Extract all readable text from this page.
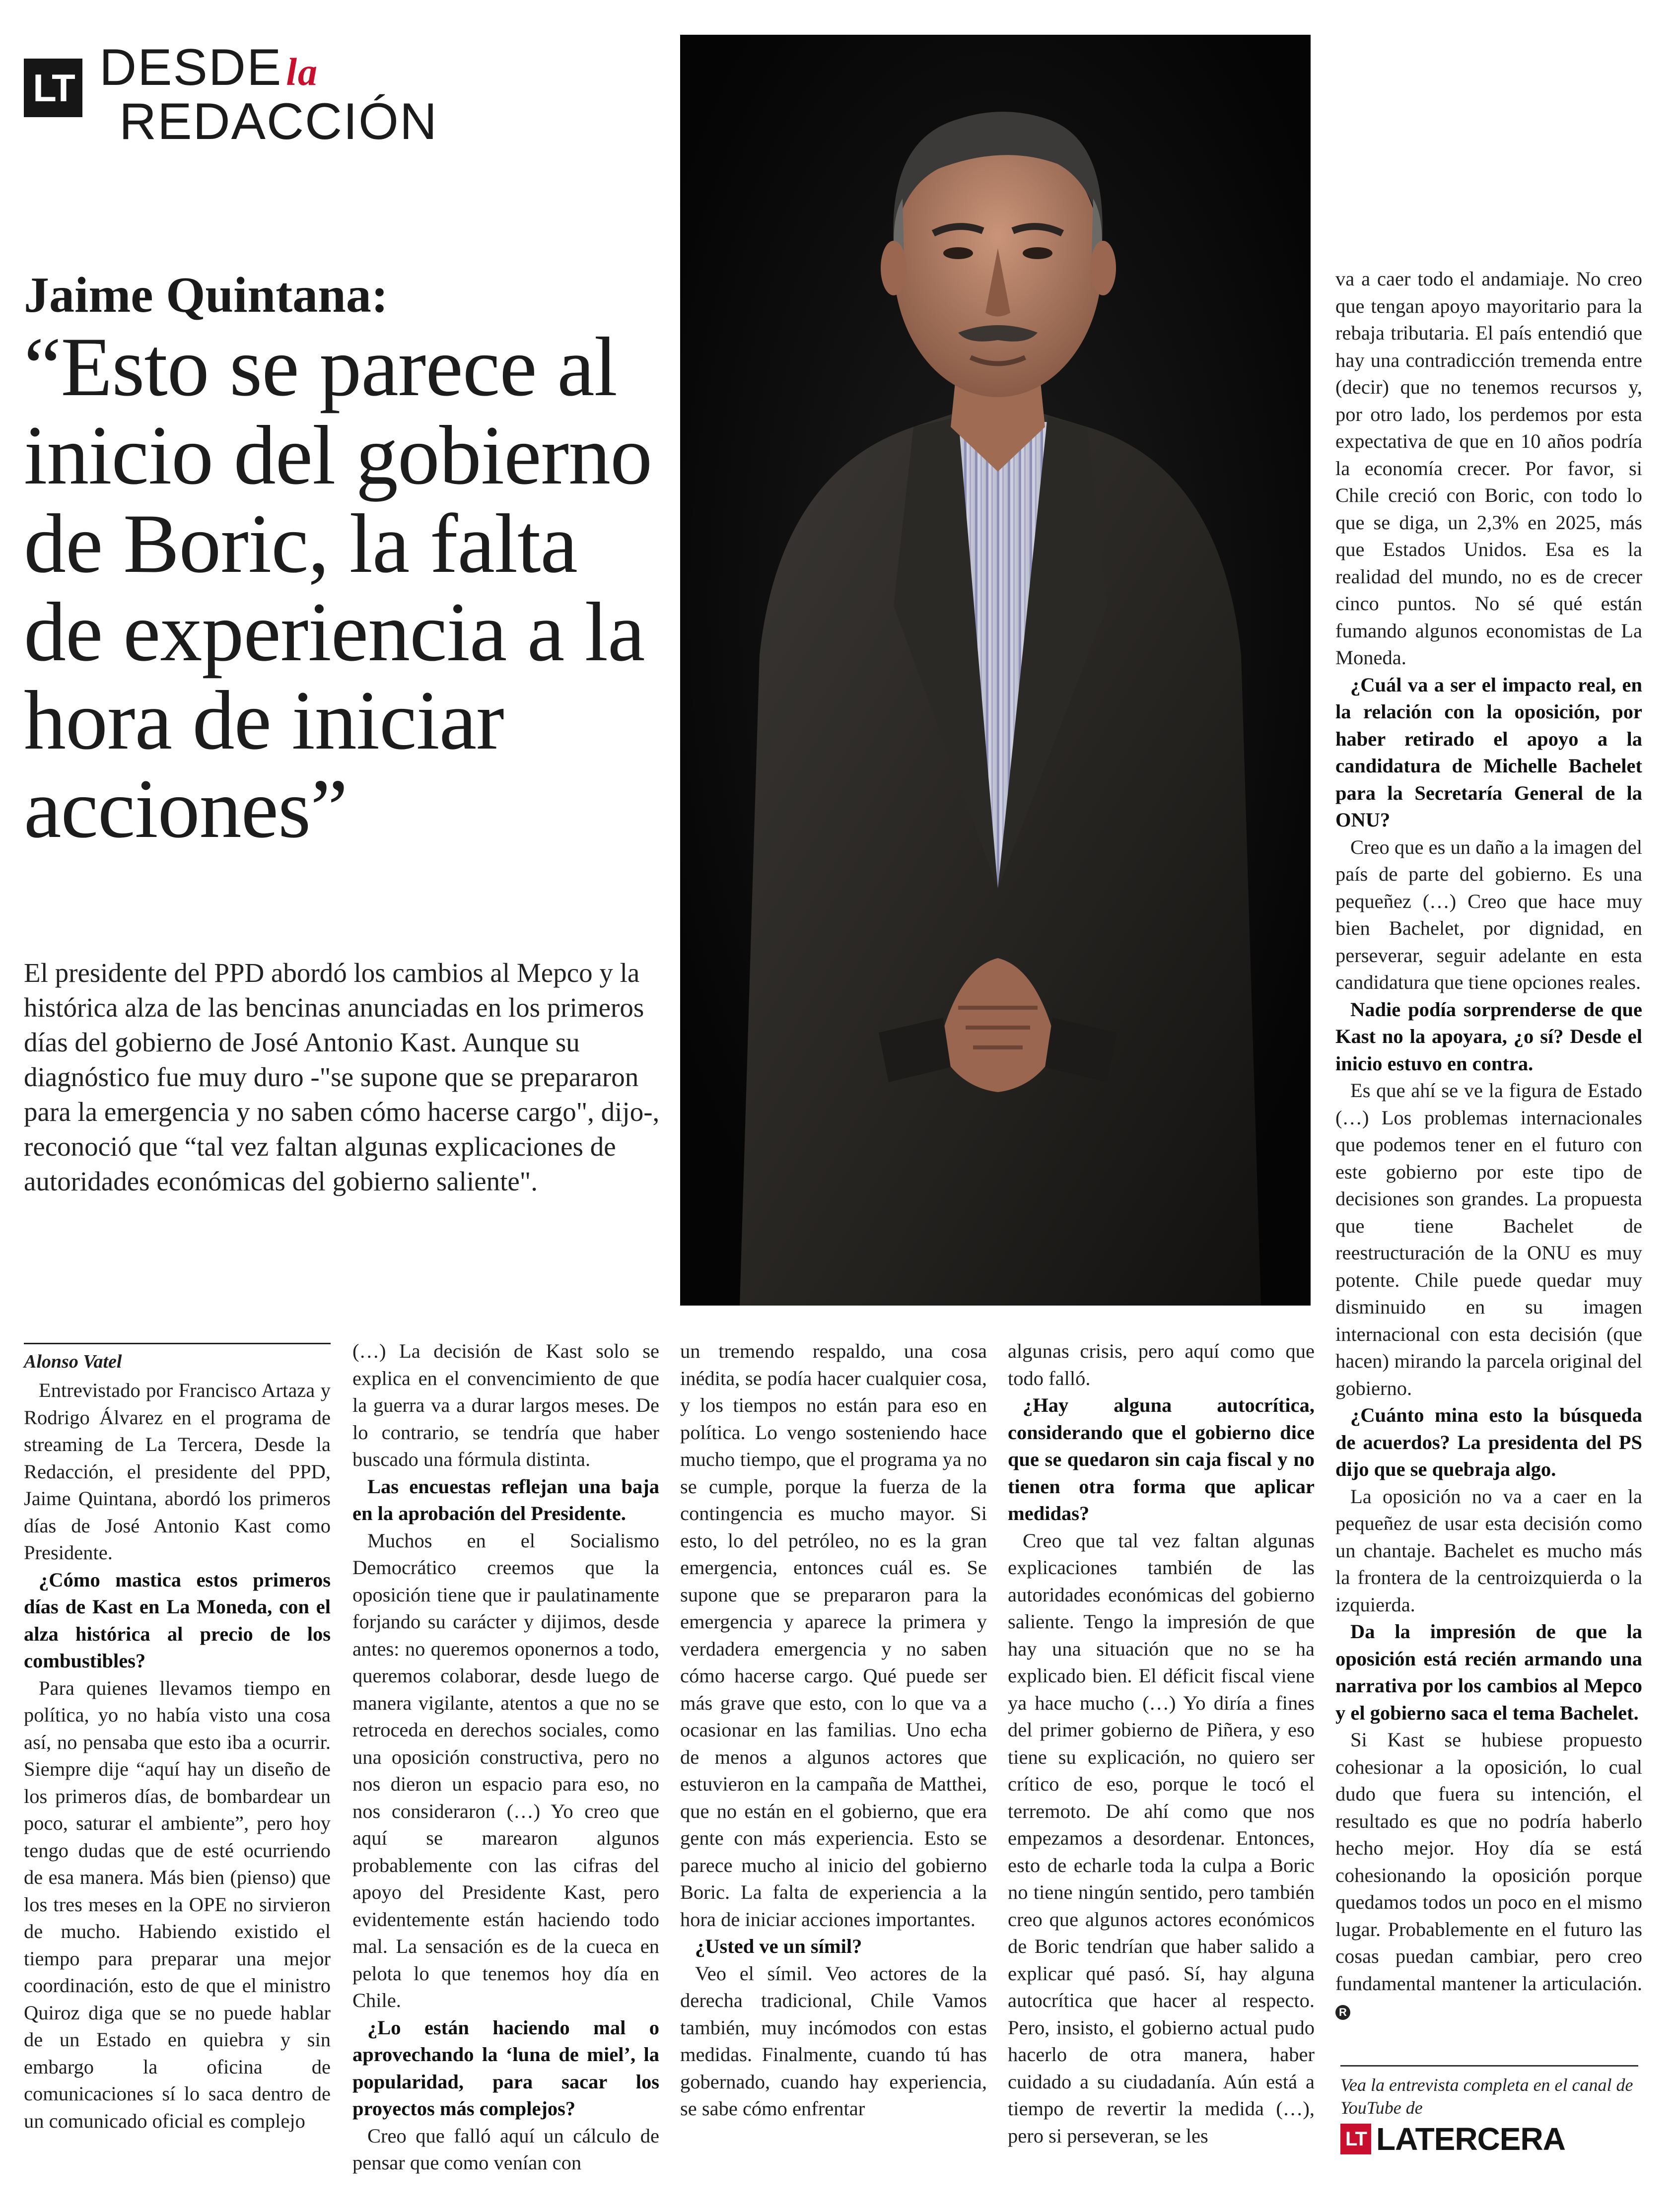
LT DESDE la
REDACCIÓN
Jaime Quintana:
“Esto se parece al inicio del gobierno de Boric, la falta de experiencia a la hora de iniciar acciones”
El presidente del PPD abordó los cambios al Mepco y la histórica alza de las bencinas anunciadas en los primeros días del gobierno de José Antonio Kast. Aunque su diagnóstico fue muy duro -"se supone que se prepararon para la emergencia y no saben cómo hacerse cargo", dijo-, reconoció que “tal vez faltan algunas explicaciones de autoridades económicas del gobierno saliente".
Alonso Vatel

Entrevistado por Francisco Artaza y Rodrigo Álvarez en el programa de streaming de La Tercera, Desde la Redacción, el presidente del PPD, Jaime Quintana, abordó los primeros días de José Antonio Kast como Presidente.

¿Cómo mastica estos primeros días de Kast en La Moneda, con el alza histórica al precio de los combustibles?

Para quienes llevamos tiempo en política, yo no había visto una cosa así, no pensaba que esto iba a ocurrir. Siempre dije “aquí hay un diseño de los primeros días, de bombardear un poco, saturar el ambiente”, pero hoy tengo dudas que de esté ocurriendo de esa manera. Más bien (pienso) que los tres meses en la OPE no sirvieron de mucho. Habiendo existido el tiempo para preparar una mejor coordinación, esto de que el ministro Quiroz diga que se no puede hablar de un Estado en quiebra y sin embargo la oficina de comunicaciones sí lo saca dentro de un comunicado oficial es complejo

(…) La decisión de Kast solo se explica en el convencimiento de que la guerra va a durar largos meses. De lo contrario, se tendría que haber buscado una fórmula distinta.

Las encuestas reflejan una baja en la aprobación del Presidente.

Muchos en el Socialismo Democrático creemos que la oposición tiene que ir paulatinamente forjando su carácter y dijimos, desde antes: no queremos oponernos a todo, queremos colaborar, desde luego de manera vigilante, atentos a que no se retroceda en derechos sociales, como una oposición constructiva, pero no nos dieron un espacio para eso, no nos consideraron (…) Yo creo que aquí se marearon algunos probablemente con las cifras del apoyo del Presidente Kast, pero evidentemente están haciendo todo mal. La sensación es de la cueca en pelota lo que tenemos hoy día en Chile.

¿Lo están haciendo mal o aprovechando la ‘luna de miel’, la popularidad, para sacar los proyectos más complejos?

Creo que falló aquí un cálculo de pensar que como venían con

un tremendo respaldo, una cosa inédita, se podía hacer cualquier cosa, y los tiempos no están para eso en política. Lo vengo sosteniendo hace mucho tiempo, que el programa ya no se cumple, porque la fuerza de la contingencia es mucho mayor. Si esto, lo del petróleo, no es la gran emergencia, entonces cuál es. Se supone que se prepararon para la emergencia y aparece la primera y verdadera emergencia y no saben cómo hacerse cargo. Qué puede ser más grave que esto, con lo que va a ocasionar en las familias. Uno echa de menos a algunos actores que estuvieron en la campaña de Matthei, que no están en el gobierno, que era gente con más experiencia. Esto se parece mucho al inicio del gobierno Boric. La falta de experiencia a la hora de iniciar acciones importantes.

¿Usted ve un símil?

Veo el símil. Veo actores de la derecha tradicional, Chile Vamos también, muy incómodos con estas medidas. Finalmente, cuando tú has gobernado, cuando hay experiencia, se sabe cómo enfrentar

algunas crisis, pero aquí como que todo falló.

¿Hay alguna autocrítica, considerando que el gobierno dice que se quedaron sin caja fiscal y no tienen otra forma que aplicar medidas?

Creo que tal vez faltan algunas explicaciones también de las autoridades económicas del gobierno saliente. Tengo la impresión de que hay una situación que no se ha explicado bien. El déficit fiscal viene ya hace mucho (…) Yo diría a fines del primer gobierno de Piñera, y eso tiene su explicación, no quiero ser crítico de eso, porque le tocó el terremoto. De ahí como que nos empezamos a desordenar. Entonces, esto de echarle toda la culpa a Boric no tiene ningún sentido, pero también creo que algunos actores económicos de Boric tendrían que haber salido a explicar qué pasó. Sí, hay alguna autocrítica que hacer al respecto. Pero, insisto, el gobierno actual pudo hacerlo de otra manera, haber cuidado a su ciudadanía. Aún está a tiempo de revertir la medida (…), pero si perseveran, se les

va a caer todo el andamiaje. No creo que tengan apoyo mayoritario para la rebaja tributaria. El país entendió que hay una contradicción tremenda entre (decir) que no tenemos recursos y, por otro lado, los perdemos por esta expectativa de que en 10 años podría la economía crecer. Por favor, si Chile creció con Boric, con todo lo que se diga, un 2,3% en 2025, más que Estados Unidos. Esa es la realidad del mundo, no es de crecer cinco puntos. No sé qué están fumando algunos economistas de La Moneda.

¿Cuál va a ser el impacto real, en la relación con la oposición, por haber retirado el apoyo a la candidatura de Michelle Bachelet para la Secretaría General de la ONU?

Creo que es un daño a la imagen del país de parte del gobierno. Es una pequeñez (…) Creo que hace muy bien Bachelet, por dignidad, en perseverar, seguir adelante en esta candidatura que tiene opciones reales.

Nadie podía sorprenderse de que Kast no la apoyara, ¿o sí? Desde el inicio estuvo en contra.

Es que ahí se ve la figura de Estado (…) Los problemas internacionales que podemos tener en el futuro con este gobierno por este tipo de decisiones son grandes. La propuesta que tiene Bachelet de reestructuración de la ONU es muy potente. Chile puede quedar muy disminuido en su imagen internacional con esta decisión (que hacen) mirando la parcela original del gobierno.

¿Cuánto mina esto la búsqueda de acuerdos? La presidenta del PS dijo que se quebraja algo.

La oposición no va a caer en la pequeñez de usar esta decisión como un chantaje. Bachelet es mucho más la frontera de la centroizquierda o la izquierda.

Da la impresión de que la oposición está recién armando una narrativa por los cambios al Mepco y el gobierno saca el tema Bachelet.

Si Kast se hubiese propuesto cohesionar a la oposición, lo cual dudo que fuera su intención, el resultado es que no podría haberlo hecho mejor. Hoy día se está cohesionando la oposición porque quedamos todos un poco en el mismo lugar. Probablemente en el futuro las cosas puedan cambiar, pero creo fundamental mantener la articulación. R

Vea la entrevista completa en el canal de YouTube de
LT LATERCERA
